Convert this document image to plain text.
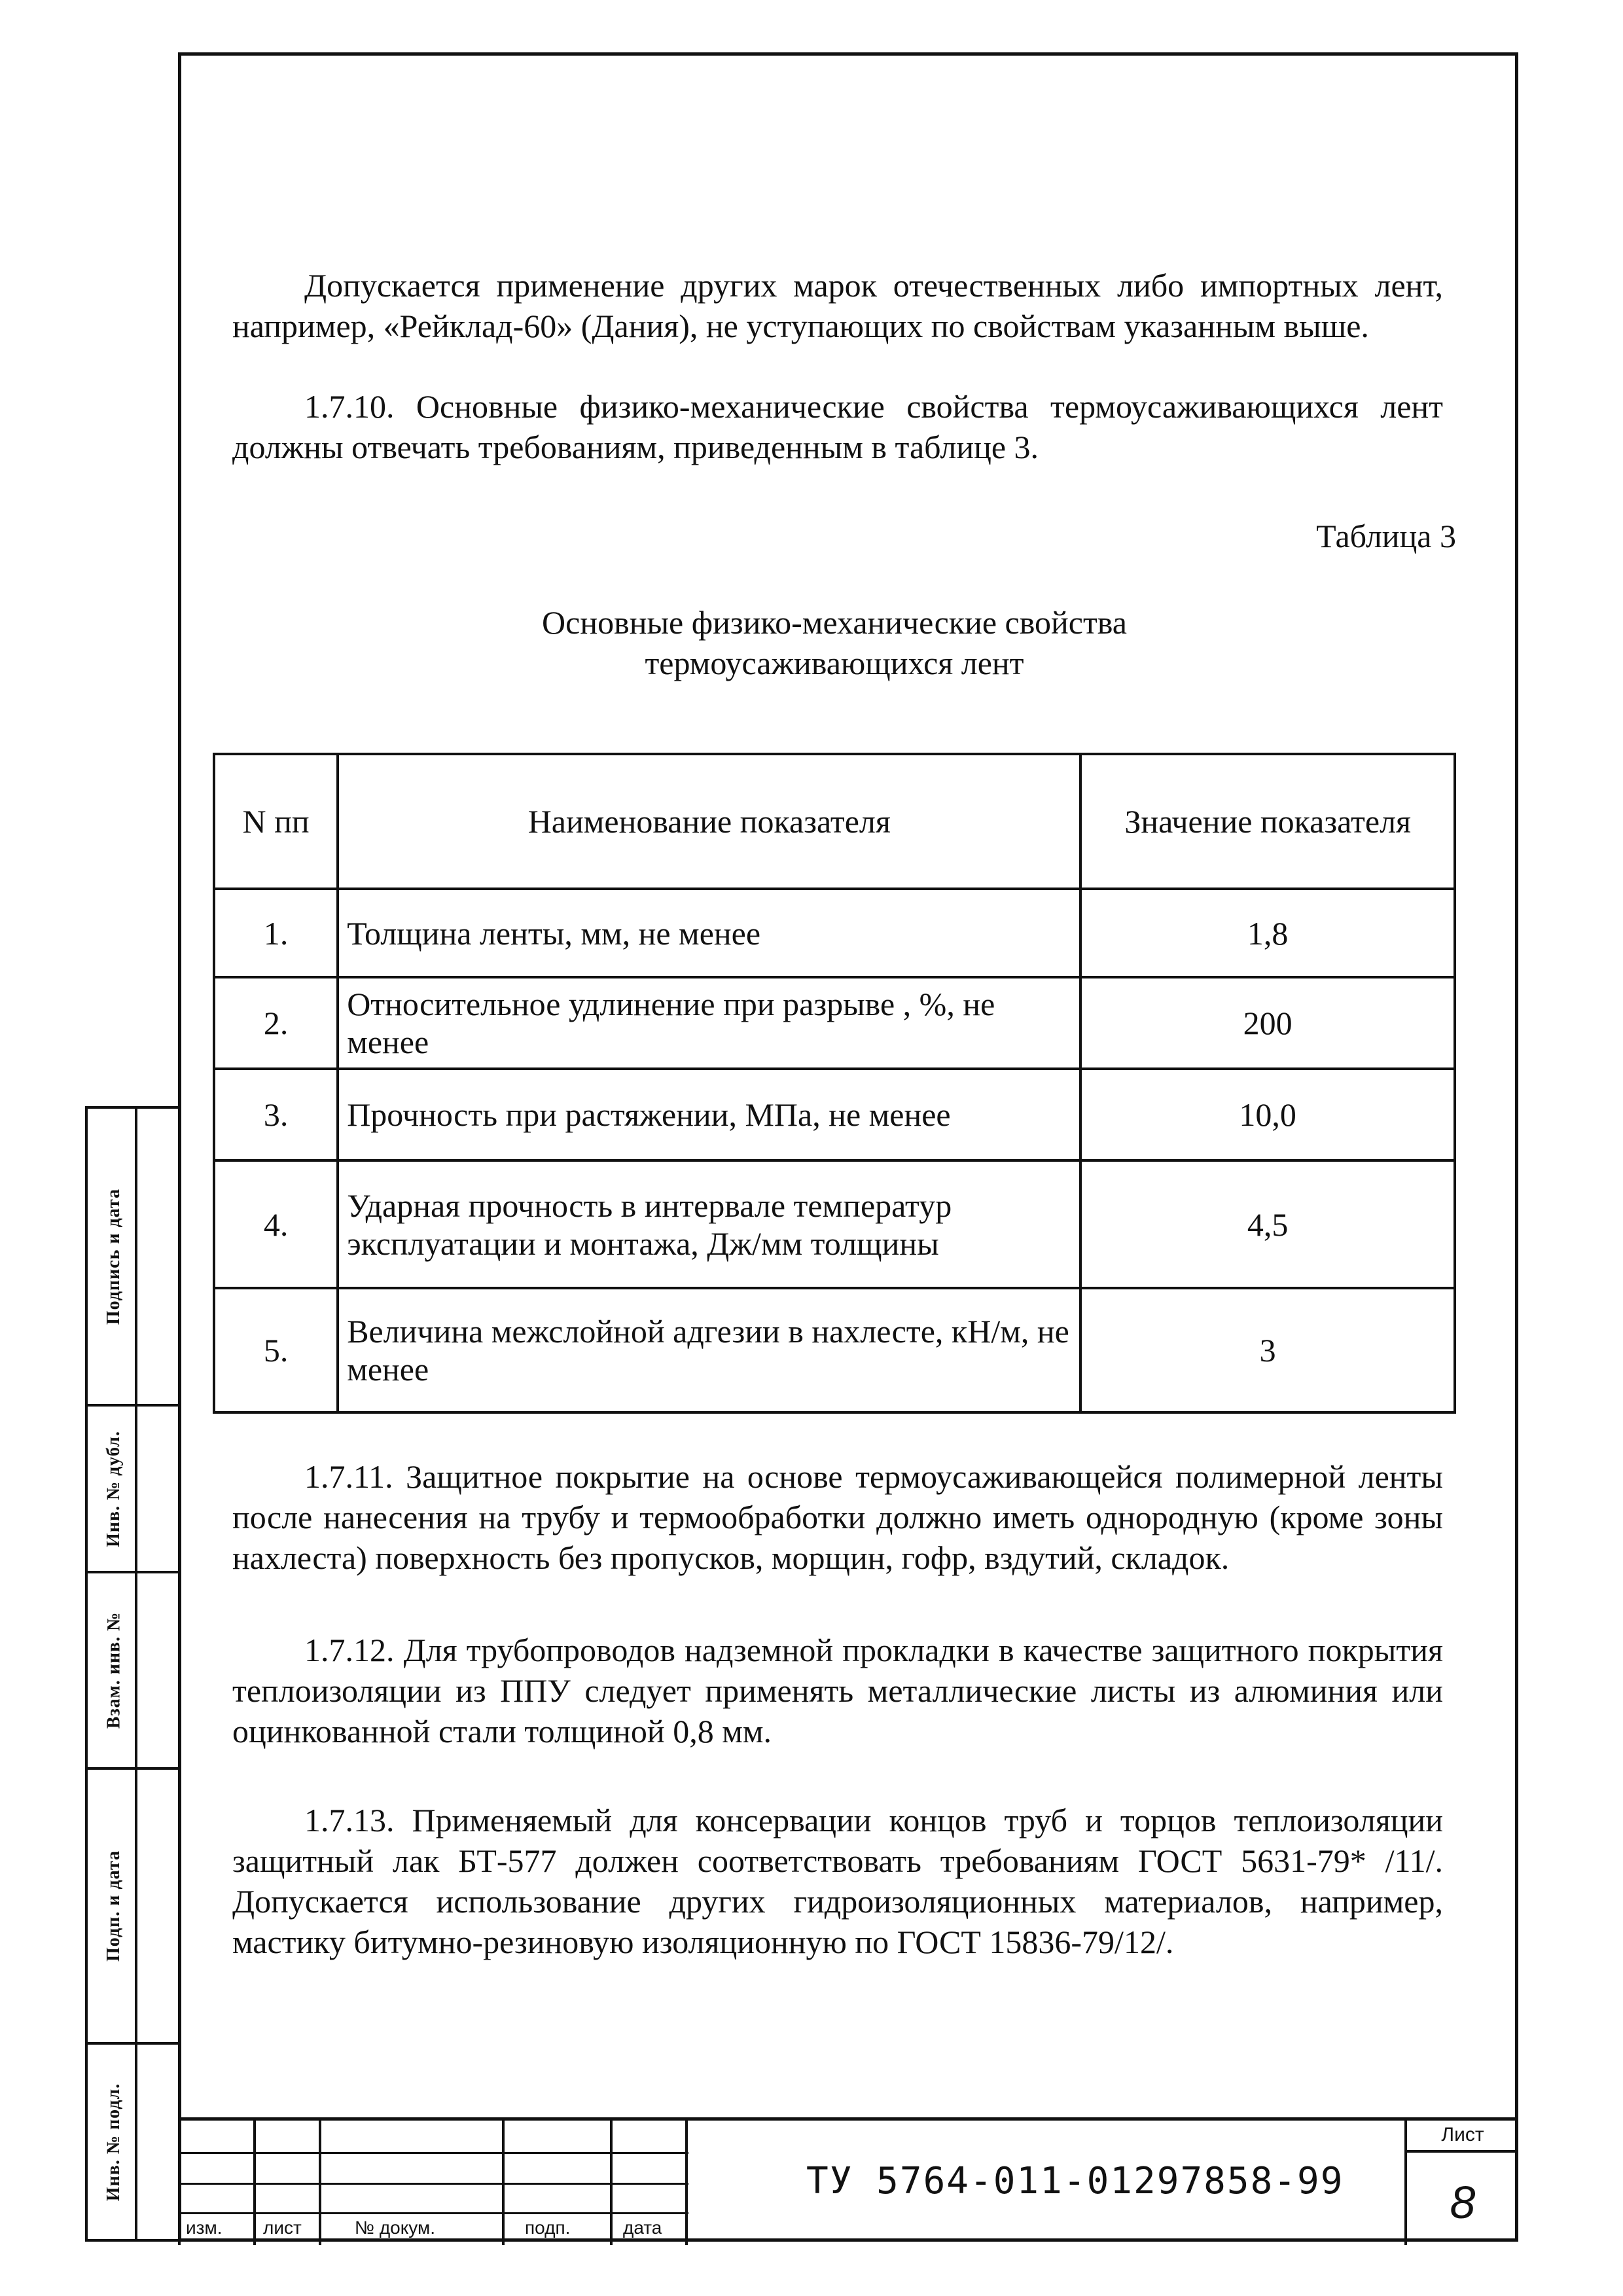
Подпись и дата
Инв. № дубл.
Взам. инв. №
Подп. и дата
Инв. № подл.
Допускается применение других марок отечественных либо импортных лент, например, «Рейклад-60» (Дания), не уступающих по свойствам указанным выше.
1.7.10. Основные физико-механические свойства термоусаживающихся лент должны отвечать требованиям, приведенным в таблице 3.
Таблица 3
Основные физико-механические свойства
термоусаживающихся лент
N пп	Наименование показателя	Значение показателя
1.	Толщина ленты, мм, не менее	1,8
2.	Относительное удлинение при разрыве , %, не менее	200
3.	Прочность при растяжении, МПа, не менее	10,0
4.	Ударная прочность в интервале температур эксплуатации и монтажа, Дж/мм толщины	4,5
5.	Величина межслойной адгезии в нахлесте, кН/м, не менее	3
1.7.11. Защитное покрытие на основе термоусаживающейся полимерной ленты после нанесения на трубу и термообработки должно иметь однородную (кроме зоны нахлеста) поверхность без пропусков, морщин, гофр, вздутий, складок.
1.7.12. Для трубопроводов надземной прокладки в качестве защитного покрытия теплоизоляции из ППУ следует применять металлические листы из алюминия или оцинкованной стали толщиной 0,8 мм.
1.7.13. Применяемый для консервации концов труб и торцов теплоизоляции защитный лак БТ-577 должен соответствовать требованиям ГОСТ 5631-79* /11/. Допускается использование других гидроизоляционных материалов, например, мастику битумно-резиновую изоляционную по ГОСТ 15836-79/12/.
изм. лист	№ докум.	подп.	дата
ТУ 5764-011-01297858-99
Лист
8
